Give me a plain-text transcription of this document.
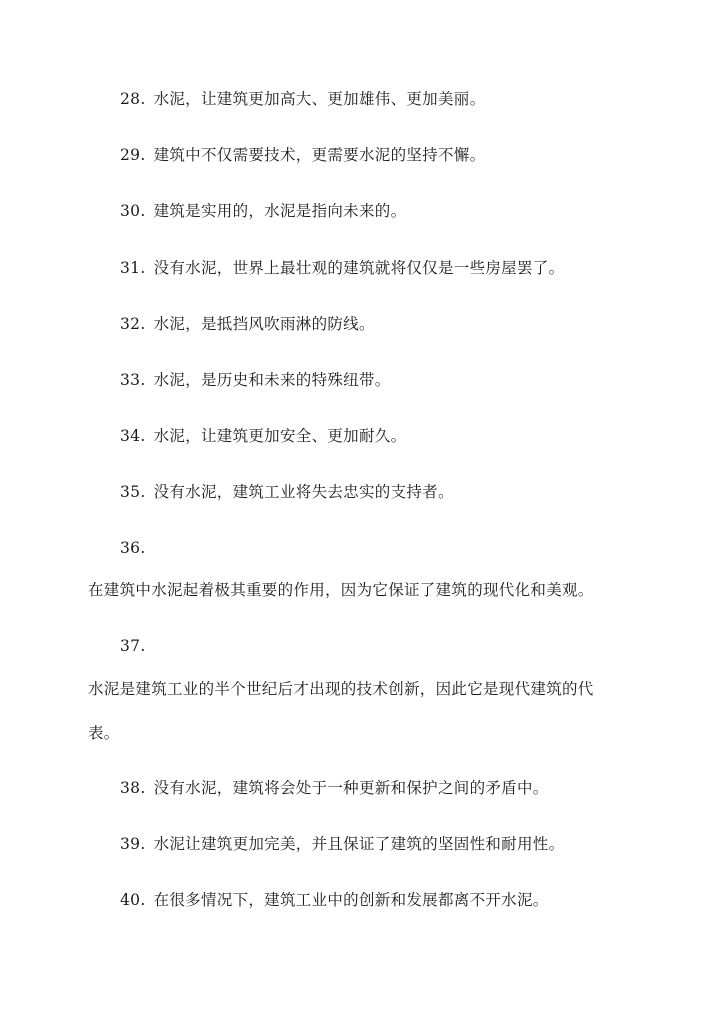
28. 水泥，让建筑更加高大、更加雄伟、更加美丽。
29. 建筑中不仅需要技术，更需要水泥的坚持不懈。
30. 建筑是实用的，水泥是指向未来的。
31. 没有水泥，世界上最壮观的建筑就将仅仅是一些房屋罢了。
32. 水泥，是抵挡风吹雨淋的防线。
33. 水泥，是历史和未来的特殊纽带。
34. 水泥，让建筑更加安全、更加耐久。
35. 没有水泥，建筑工业将失去忠实的支持者。
36.
在建筑中水泥起着极其重要的作用，因为它保证了建筑的现代化和美观。
37.
水泥是建筑工业的半个世纪后才出现的技术创新，因此它是现代建筑的代
表。
38. 没有水泥，建筑将会处于一种更新和保护之间的矛盾中。
39. 水泥让建筑更加完美，并且保证了建筑的坚固性和耐用性。
40. 在很多情况下，建筑工业中的创新和发展都离不开水泥。
